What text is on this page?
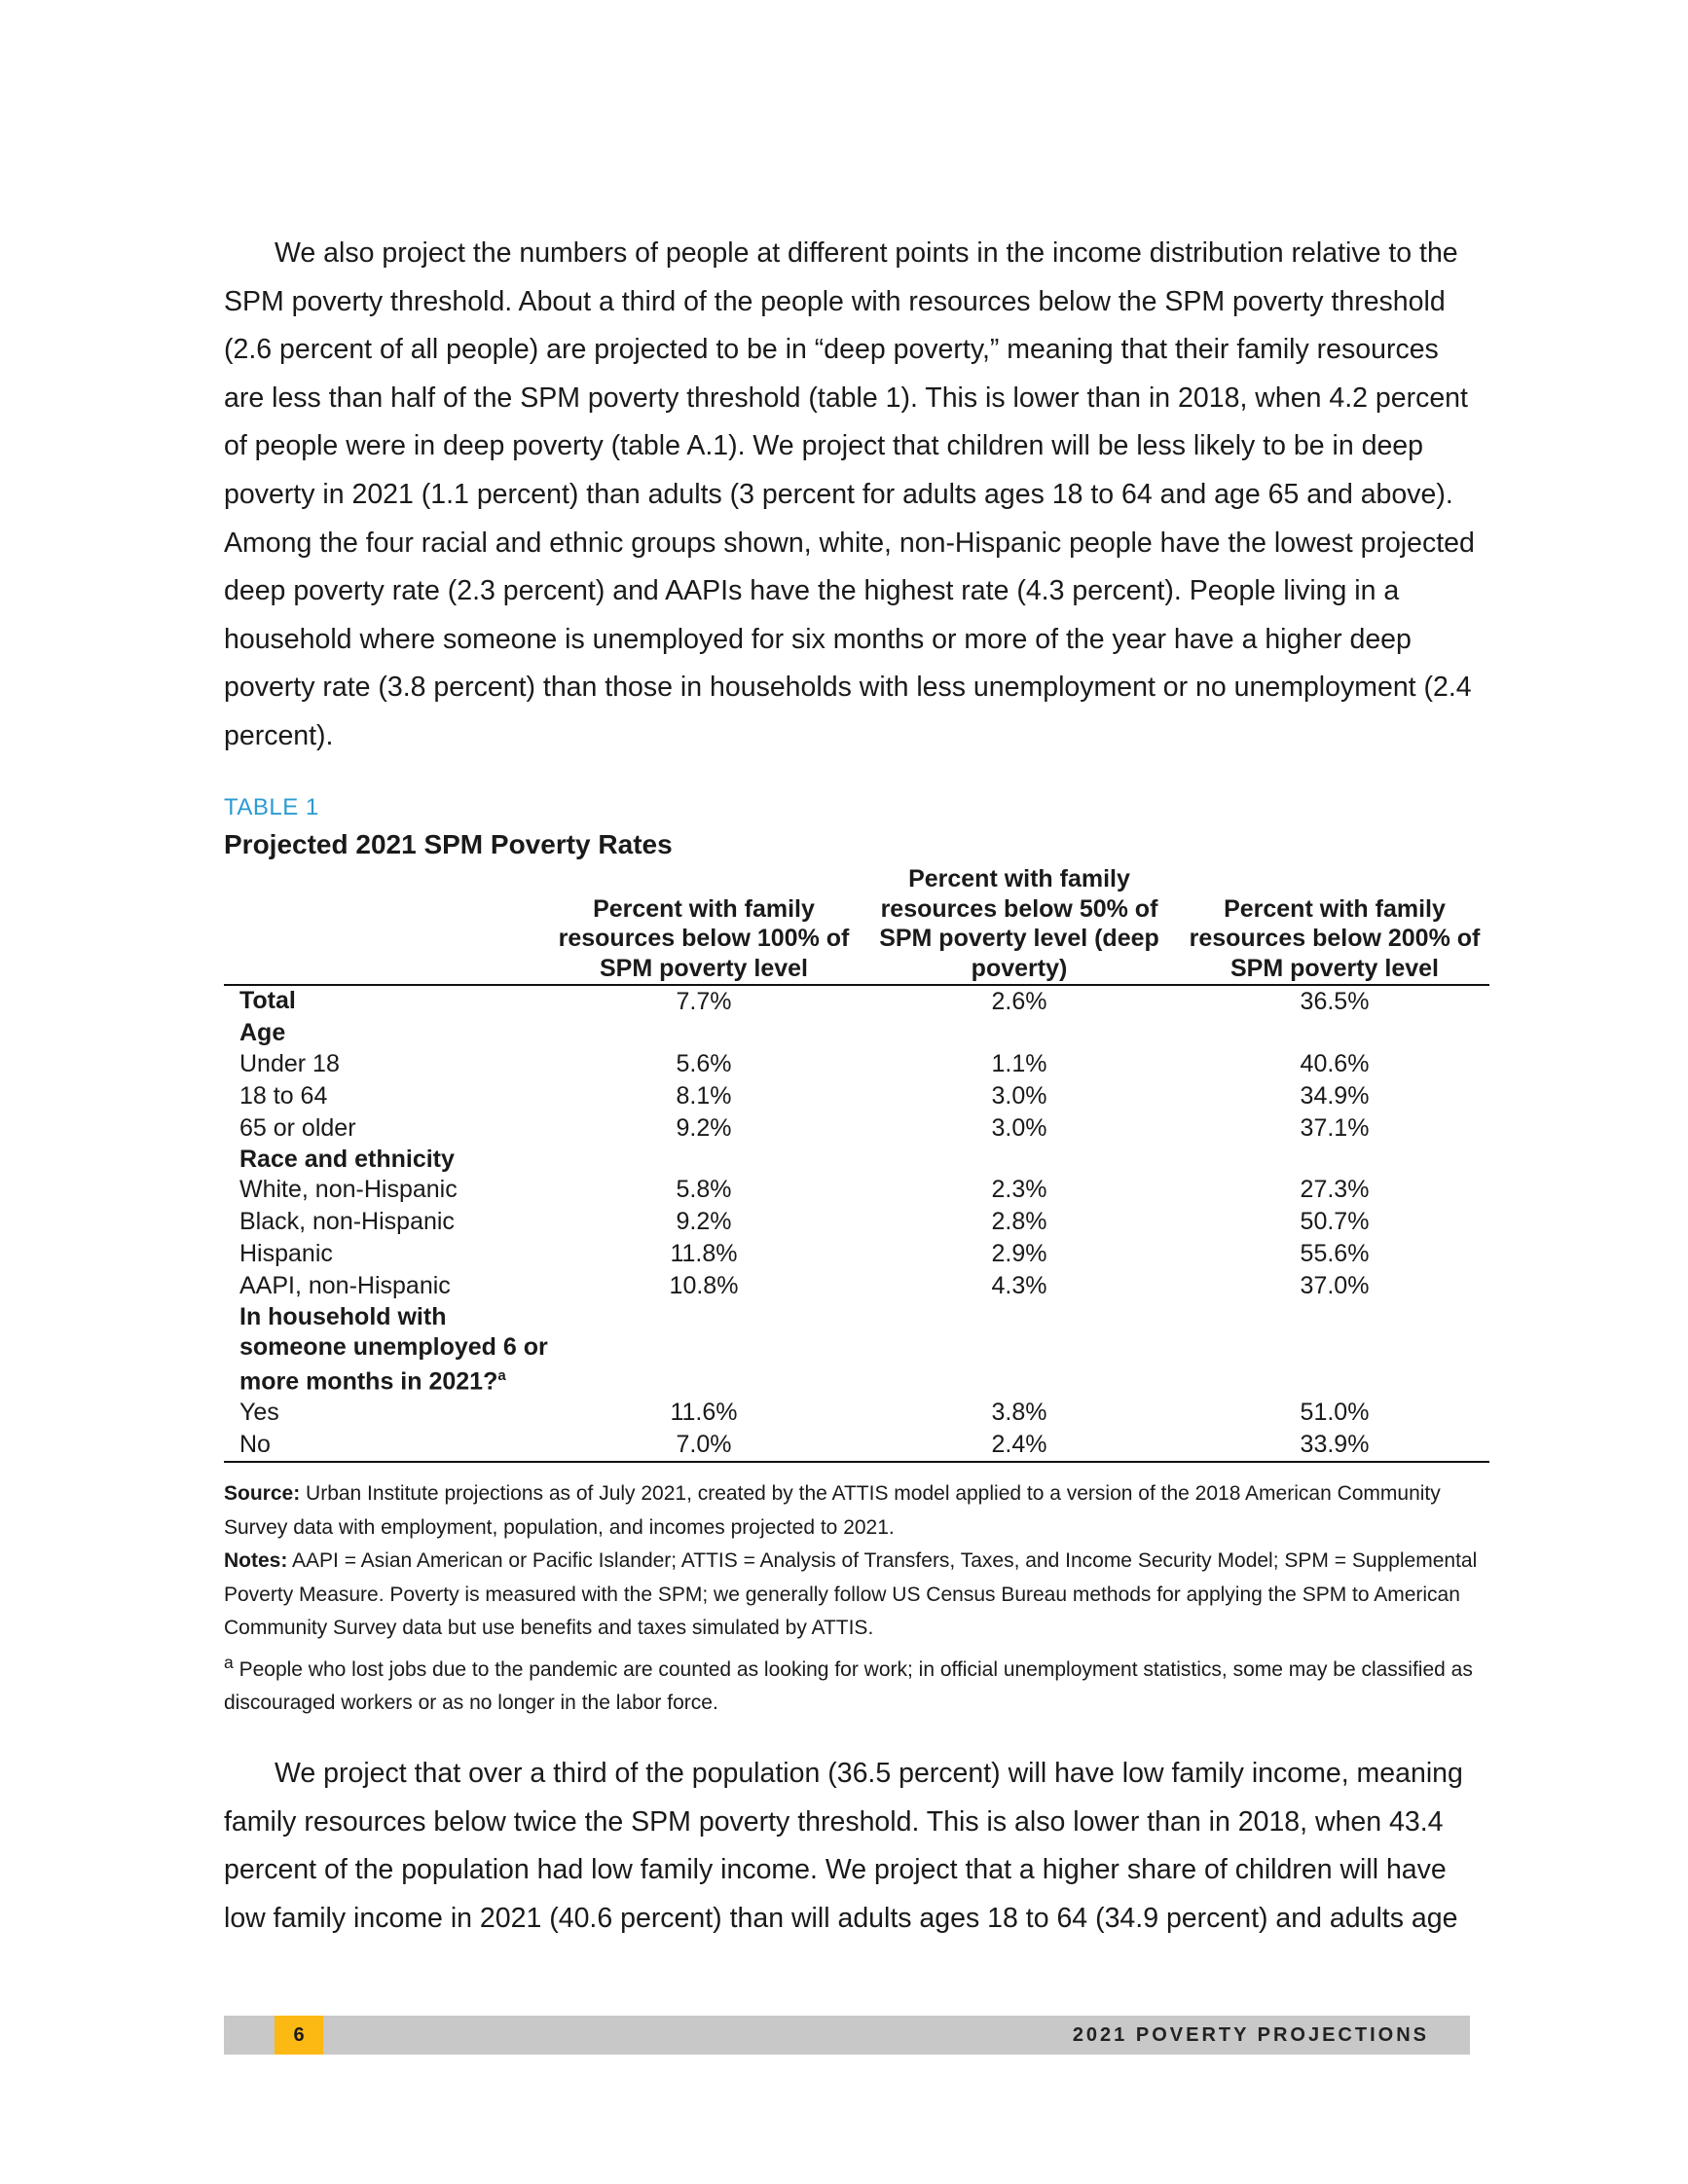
We also project the numbers of people at different points in the income distribution relative to the SPM poverty threshold. About a third of the people with resources below the SPM poverty threshold (2.6 percent of all people) are projected to be in “deep poverty,” meaning that their family resources are less than half of the SPM poverty threshold (table 1). This is lower than in 2018, when 4.2 percent of people were in deep poverty (table A.1). We project that children will be less likely to be in deep poverty in 2021 (1.1 percent) than adults (3 percent for adults ages 18 to 64 and age 65 and above). Among the four racial and ethnic groups shown, white, non-Hispanic people have the lowest projected deep poverty rate (2.3 percent) and AAPIs have the highest rate (4.3 percent). People living in a household where someone is unemployed for six months or more of the year have a higher deep poverty rate (3.8 percent) than those in households with less unemployment or no unemployment (2.4 percent).

TABLE 1
Projected 2021 SPM Poverty Rates
	Percent with family resources below 100% of SPM poverty level	Percent with family resources below 50% of SPM poverty level (deep poverty)	Percent with family resources below 200% of SPM poverty level
Total	7.7%	2.6%	36.5%
Age			
Under 18	5.6%	1.1%	40.6%
18 to 64	8.1%	3.0%	34.9%
65 or older	9.2%	3.0%	37.1%
Race and ethnicity			
White, non-Hispanic	5.8%	2.3%	27.3%
Black, non-Hispanic	9.2%	2.8%	50.7%
Hispanic	11.8%	2.9%	55.6%
AAPI, non-Hispanic	10.8%	4.3%	37.0%
In household with someone unemployed 6 or more months in 2021?$^a$			
Yes	11.6%	3.8%	51.0%
No	7.0%	2.4%	33.9%

Source: Urban Institute projections as of July 2021, created by the ATTIS model applied to a version of the 2018 American Community Survey data with employment, population, and incomes projected to 2021.

Notes: AAPI = Asian American or Pacific Islander; ATTIS = Analysis of Transfers, Taxes, and Income Security Model; SPM = Supplemental Poverty Measure. Poverty is measured with the SPM; we generally follow US Census Bureau methods for applying the SPM to American Community Survey data but use benefits and taxes simulated by ATTIS.

$^a$ People who lost jobs due to the pandemic are counted as looking for work; in official unemployment statistics, some may be classified as discouraged workers or as no longer in the labor force.

We project that over a third of the population (36.5 percent) will have low family income, meaning family resources below twice the SPM poverty threshold. This is also lower than in 2018, when 43.4 percent of the population had low family income. We project that a higher share of children will have low family income in 2021 (40.6 percent) than will adults ages 18 to 64 (34.9 percent) and adults age

6	2021 POVERTY PROJECTIONS
